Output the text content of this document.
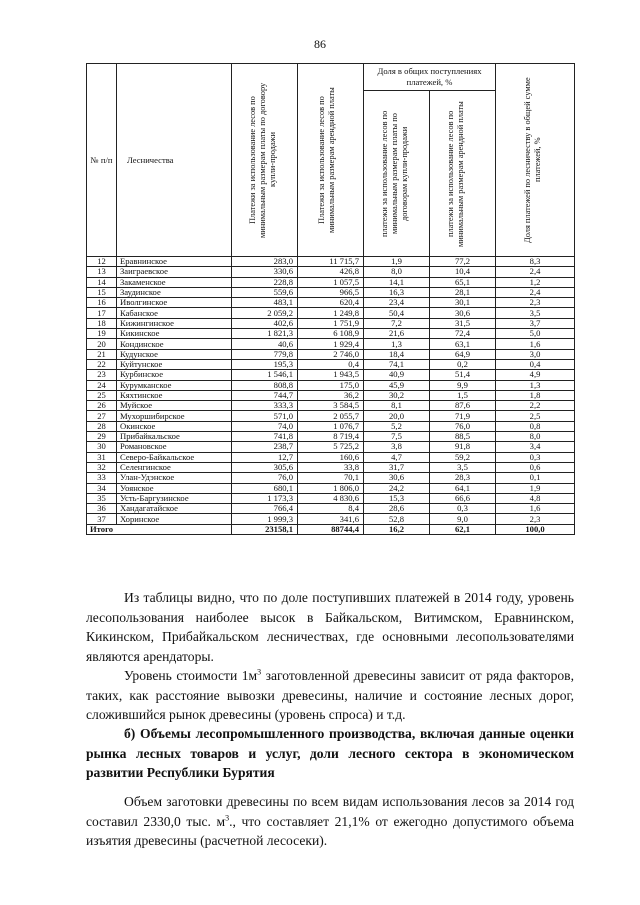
86
№ п/п	Лесничества	Платежи за использование лесов по минимальным размерам платы по договору купли-продажи	Платежи за использование лесов по минимальным размерам арендной платы	Доля в общих поступлениях платежей, %		Доля платежей по лесничеству в общей сумме платежей, %

				платежи за использование лесов по минимальным размерам платы по договорам купли-продажи	платежи за использование лесов по минимальным размерам арендной платы	

12	Еравнинское	283,0	11 715,7	1,9	77,2	8,3
13	Заиграевское	330,6	426,8	8,0	10,4	2,4
14	Закаменское	228,8	1 057,5	14,1	65,1	1,2
15	Заудинское	559,6	966,5	16,3	28,1	2,4
16	Иволгинское	483,1	620,4	23,4	30,1	2,3
17	Кабанское	2 059,2	1 249,8	50,4	30,6	3,5
18	Кижингинское	402,6	1 751,9	7,2	31,5	3,7
19	Кикинское	1 821,3	6 108,9	21,6	72,4	5,0
20	Кондинское	40,6	1 929,4	1,3	63,1	1,6
21	Кудунское	779,8	2 746,0	18,4	64,9	3,0
22	Куйтунское	195,3	0,4	74,1	0,2	0,4
23	Курбинское	1 546,1	1 943,5	40,9	51,4	4,9
24	Курумканское	808,8	175,0	45,9	9,9	1,3
25	Кяхтинское	744,7	36,2	30,2	1,5	1,8
26	Муйское	333,3	3 584,5	8,1	87,6	2,2
27	Мухоршибирское	571,0	2 055,7	20,0	71,9	2,5
28	Окинское	74,0	1 076,7	5,2	76,0	0,8
29	Прибайкальское	741,8	8 719,4	7,5	88,5	8,0
30	Романовское	238,7	5 725,2	3,8	91,8	3,4
31	Северо-Байкальское	12,7	160,6	4,7	59,2	0,3
32	Селенгинское	305,6	33,8	31,7	3,5	0,6
33	Улан-Удэнское	76,0	70,1	30,6	28,3	0,1
34	Уоянское	680,1	1 806,0	24,2	64,1	1,9
35	Усть-Баргузинское	1 173,3	4 830,6	15,3	66,6	4,8
36	Хандагатайское	766,4	8,4	28,6	0,3	1,6
37	Хоринское	1 999,3	341,6	52,8	9,0	2,3
Итого		23158,1	88744,4	16,2	62,1	100,0
Из таблицы видно, что по доле поступивших платежей в 2014 году, уровень лесопользования наиболее высок в Байкальском, Витимском, Еравнинском, Кикинском, Прибайкальском лесничествах, где основными лесопользователями являются арендаторы.
Уровень стоимости $1м^3$ заготовленной древесины зависит от ряда факторов, таких, как расстояние вывозки древесины, наличие и состояние лесных дорог, сложившийся рынок древесины (уровень спроса) и т.д.
б) Объемы лесопромышленного производства, включая данные оценки рынка лесных товаров и услуг, доли лесного сектора в экономическом развитии Республики Бурятия
Объем заготовки древесины по всем видам использования лесов за 2014 год составил 2330,0 тыс. $м^3$., что составляет 21,1% от ежегодно допустимого объема изъятия древесины (расчетной лесосеки).
